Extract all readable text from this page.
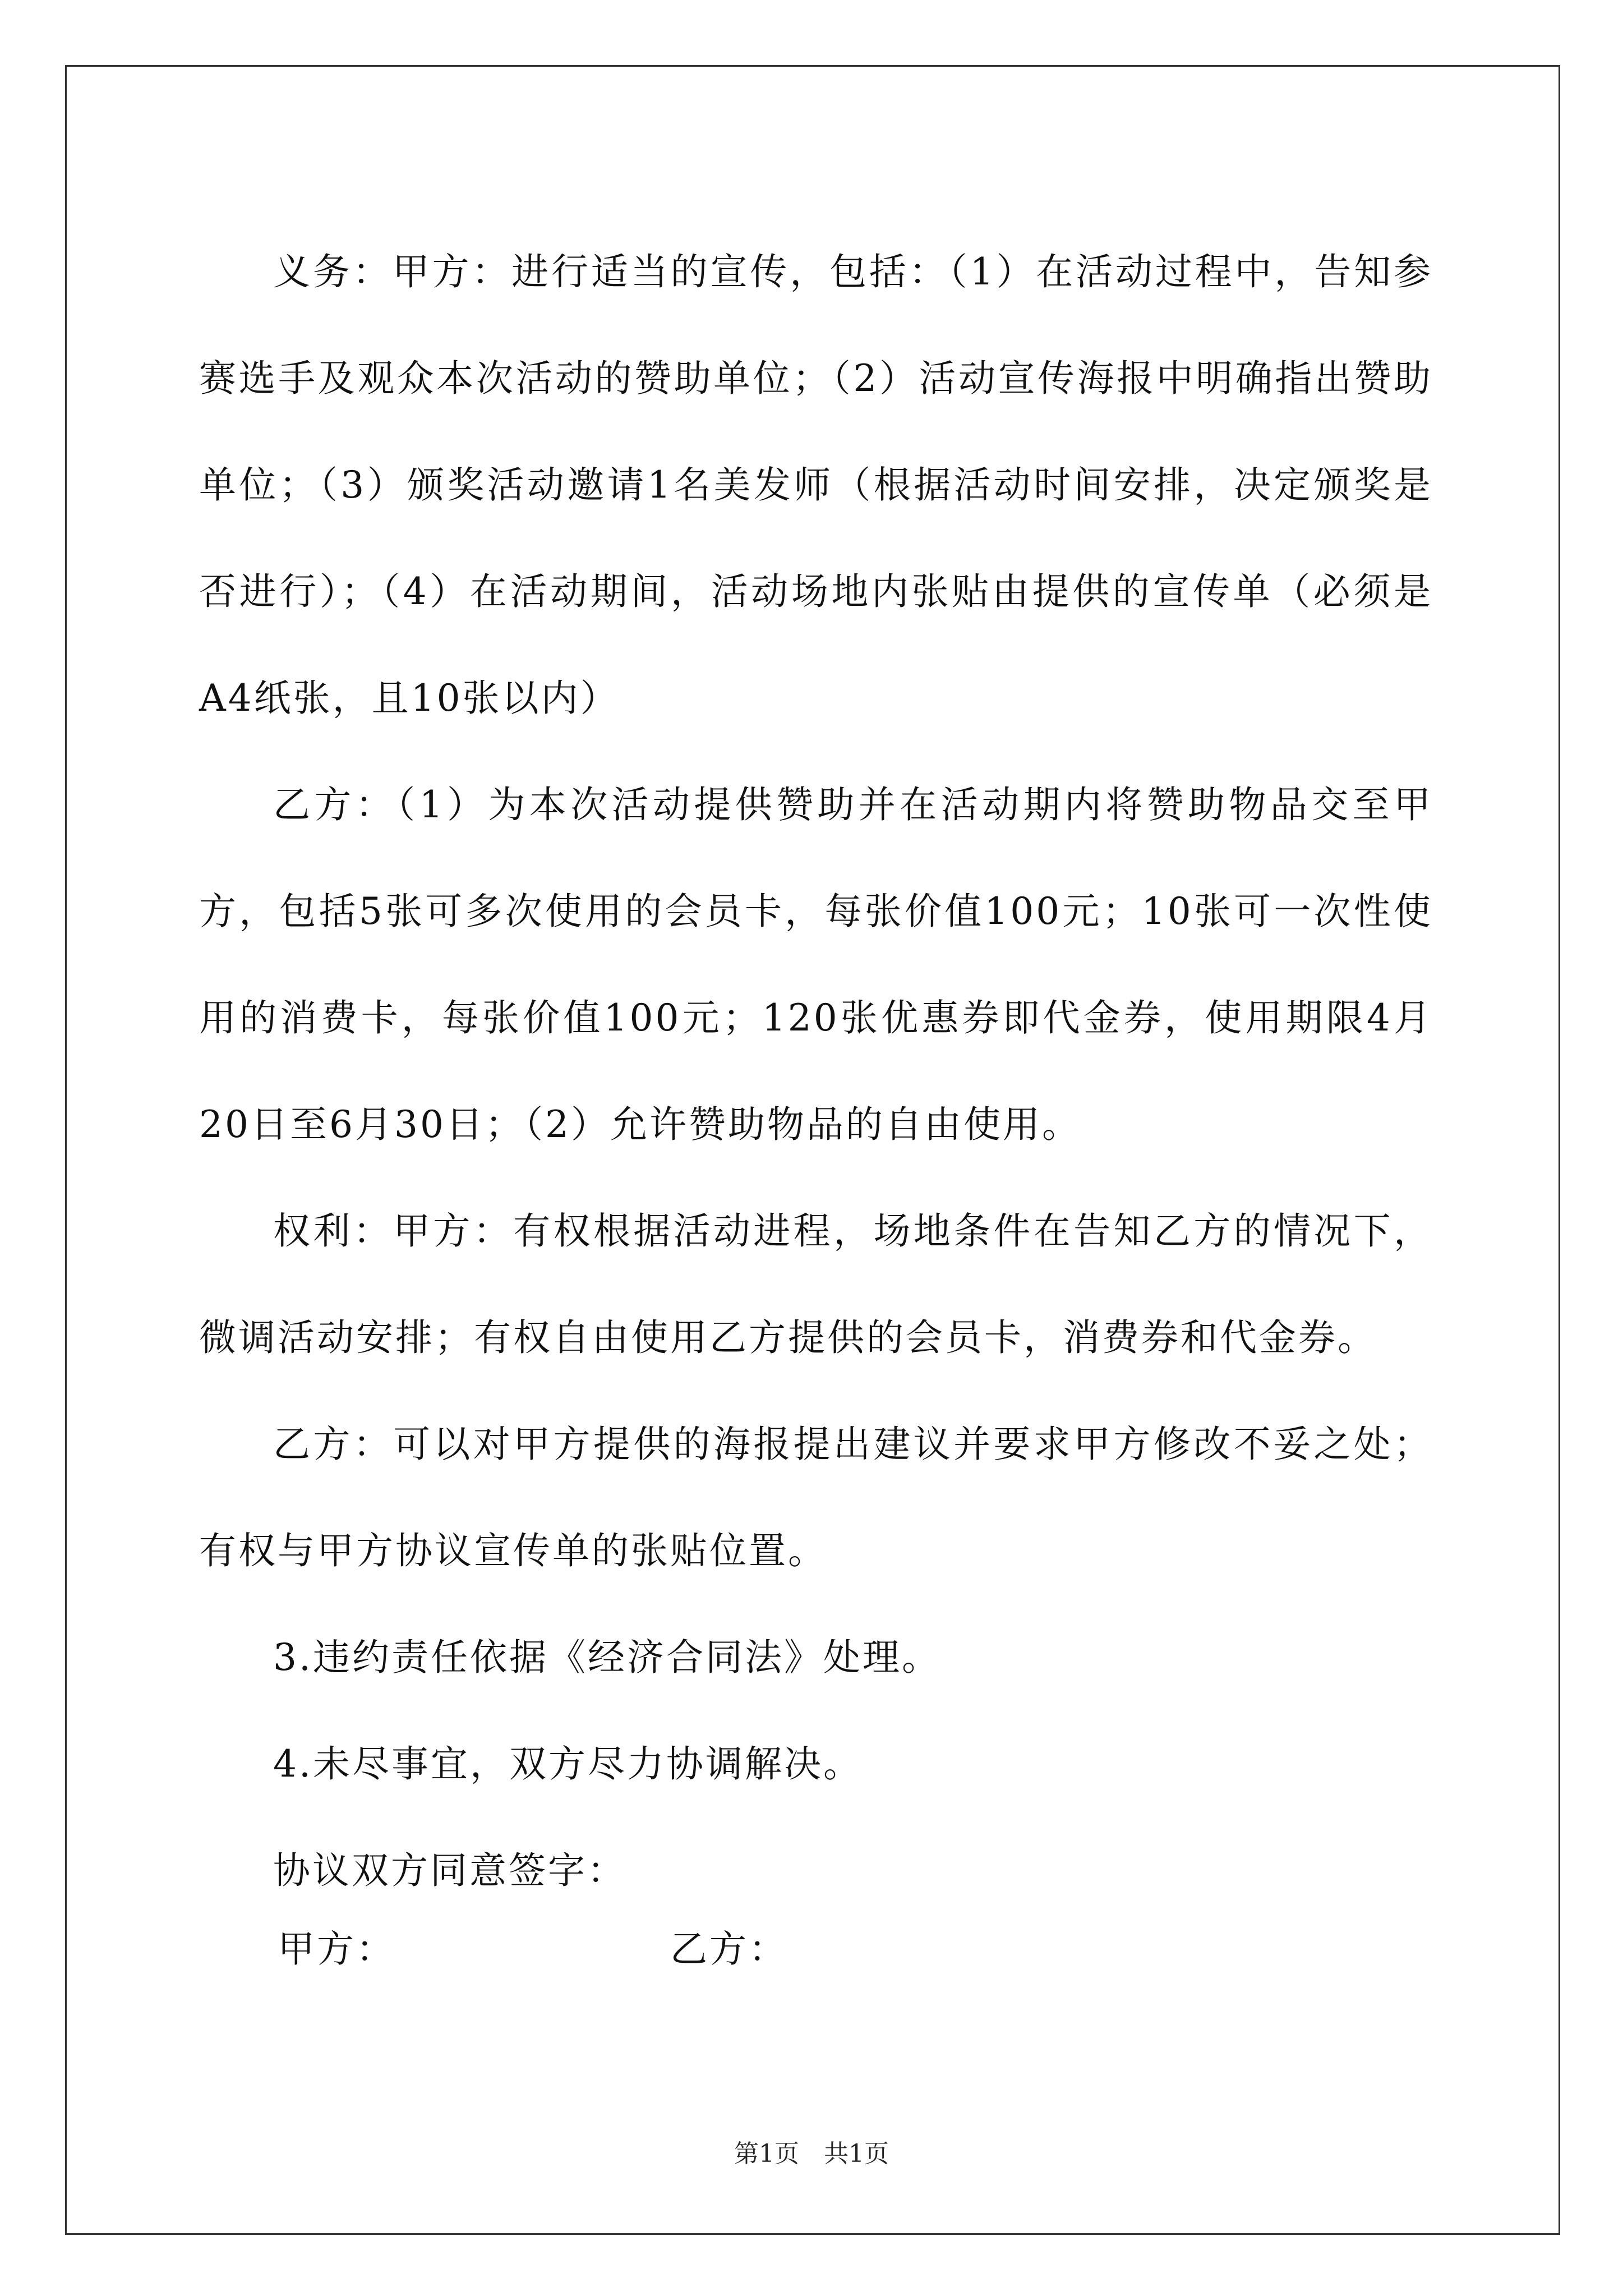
义务：甲方：进行适当的宣传，包括：（1）在活动过程中，告知参赛选手及观众本次活动的赞助单位；（2）活动宣传海报中明确指出赞助单位；（3）颁奖活动邀请1名美发师（根据活动时间安排，决定颁奖是否进行）；（4）在活动期间，活动场地内张贴由提供的宣传单（必须是A4纸张，且10张以内）

乙方：（1）为本次活动提供赞助并在活动期内将赞助物品交至甲方，包括5张可多次使用的会员卡，每张价值100元；10张可一次性使用的消费卡，每张价值100元；120张优惠券即代金券，使用期限4月20日至6月30日；（2）允许赞助物品的自由使用。

权利：甲方：有权根据活动进程，场地条件在告知乙方的情况下，微调活动安排；有权自由使用乙方提供的会员卡，消费券和代金券。

乙方：可以对甲方提供的海报提出建议并要求甲方修改不妥之处；有权与甲方协议宣传单的张贴位置。

3.违约责任依据《经济合同法》处理。

4.未尽事宜，双方尽力协调解决。

协议双方同意签字：

甲方：	乙方：
第1页　共1页
